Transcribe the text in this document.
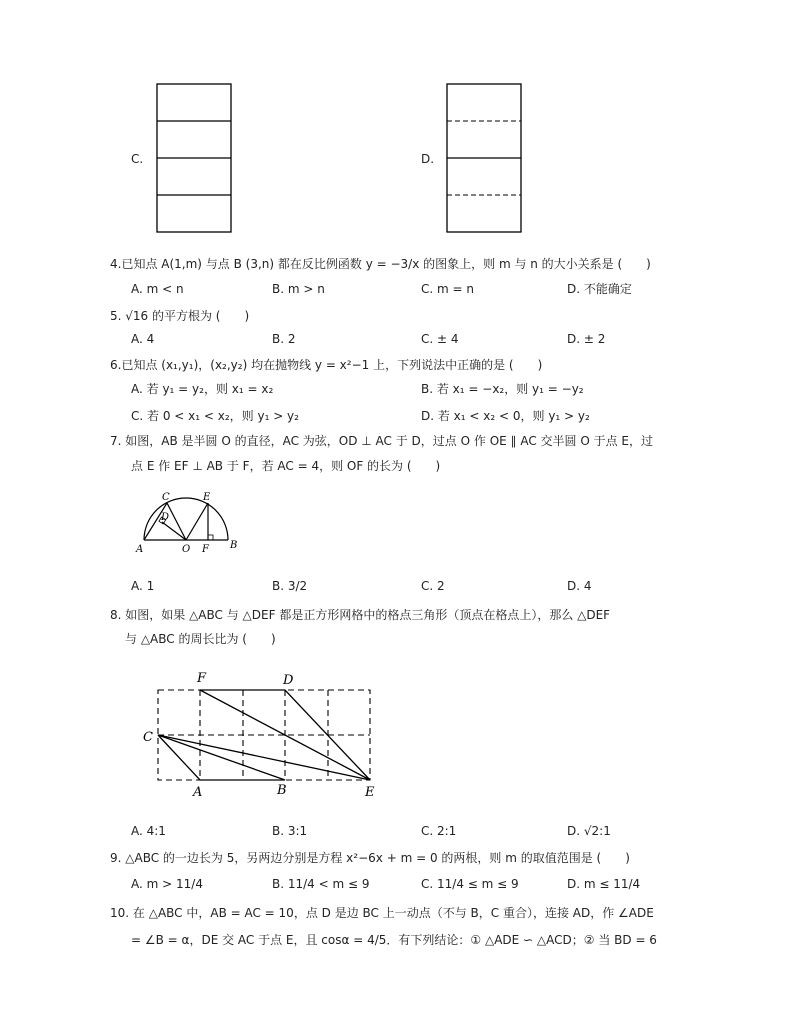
C.	D.
4.已知点 A(1,m) 与点 B (3,n) 都在反比例函数 y = −3/x 的图象上，则 m 与 n 的大小关系是 (　　)
A. m < n	B. m > n	C. m = n	D. 不能确定
5. √16 的平方根为 (　　)
A. 4	B. 2	C. ± 4	D. ± 2
6.已知点 (x₁,y₁)，(x₂,y₂) 均在抛物线 y = x²−1 上，下列说法中正确的是 (　　)
A. 若 y₁ = y₂，则 x₁ = x₂	B. 若 x₁ = −x₂，则 y₁ = −y₂
C. 若 0 < x₁ < x₂，则 y₁ > y₂	D. 若 x₁ < x₂ < 0，则 y₁ > y₂
7. 如图，AB 是半圆 O 的直径，AC 为弦，OD ⊥ AC 于 D，过点 O 作 OE ∥ AC 交半圆 O 于点 E，过
点 E 作 EF ⊥ AB 于 F，若 AC = 4，则 OF 的长为 (　　)
C
D
E
A	O F B
A. 1	B. 3/2	C. 2	D. 4
8. 如图，如果 △ABC 与 △DEF 都是正方形网格中的格点三角形（顶点在格点上），那么 △DEF
与 △ABC 的周长比为 (　　)
F	D
C
A	B	E
A. 4:1	B. 3:1	C. 2:1	D. √2:1
9. △ABC 的一边长为 5，另两边分别是方程 x²−6x + m = 0 的两根，则 m 的取值范围是 (　　)
A. m > 11/4	B. 11/4 < m ≤ 9	C. 11/4 ≤ m ≤ 9	D. m ≤ 11/4
10. 在 △ABC 中，AB = AC = 10，点 D 是边 BC 上一动点（不与 B，C 重合），连接 AD，作 ∠ADE
= ∠B = α，DE 交 AC 于点 E，且 cosα = 4/5．有下列结论：① △ADE ∽ △ACD；② 当 BD = 6
